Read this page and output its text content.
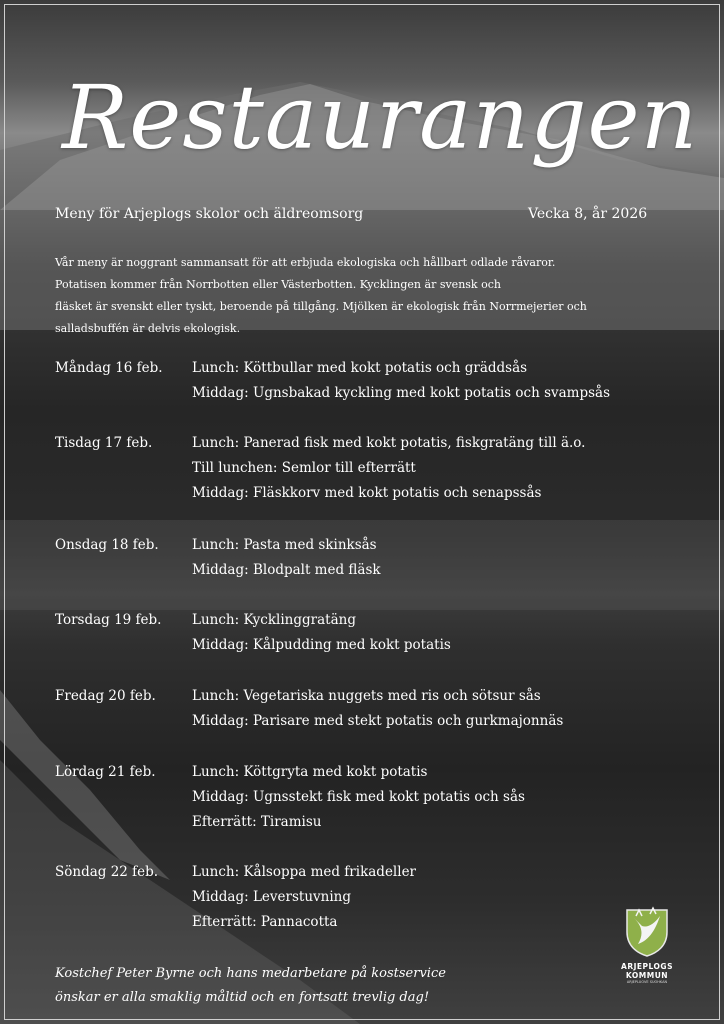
Restaurangen
Meny för Arjeplogs skolor och äldreomsorg	Vecka 8, år 2026

Vår meny är noggrant sammansatt för att erbjuda ekologiska och hållbart odlade råvaror.

Potatisen kommer från Norrbotten eller Västerbotten. Kycklingen är svensk och

fläsket är svenskt eller tyskt, beroende på tillgång. Mjölken är ekologisk från Norrmejerier och

salladsbuffén är delvis ekologisk.

Måndag 16 feb. Lunch: Köttbullar med kokt potatis och gräddsås
Middag: Ugnsbakad kyckling med kokt potatis och svampsås
Tisdag 17 feb.	Lunch: Panerad fisk med kokt potatis, fiskgratäng till ä.o.
Till lunchen: Semlor till efterrätt
Middag: Fläskkorv med kokt potatis och senapssås
Onsdag 18 feb. Lunch: Pasta med skinksås
Middag: Blodpalt med fläsk
Torsdag 19 feb. Lunch: Kycklinggratäng
Middag: Kålpudding med kokt potatis
Fredag 20 feb.	Lunch: Vegetariska nuggets med ris och sötsur sås
Middag: Parisare med stekt potatis och gurkmajonnäs
Lördag 21 feb.	Lunch: Köttgryta med kokt potatis
Middag: Ugnsstekt fisk med kokt potatis och sås
Efterrätt: Tiramisu
Söndag 22 feb.	Lunch: Kålsoppa med frikadeller
Middag: Leverstuvning
Efterrätt: Pannacotta

Kostchef Peter Byrne och hans medarbetare på kostservice

önskar er alla smaklig måltid och en fortsatt trevlig dag!

ARJEPLOGS
KOMMUN
ARJEPLUOVE SUOHKAN
